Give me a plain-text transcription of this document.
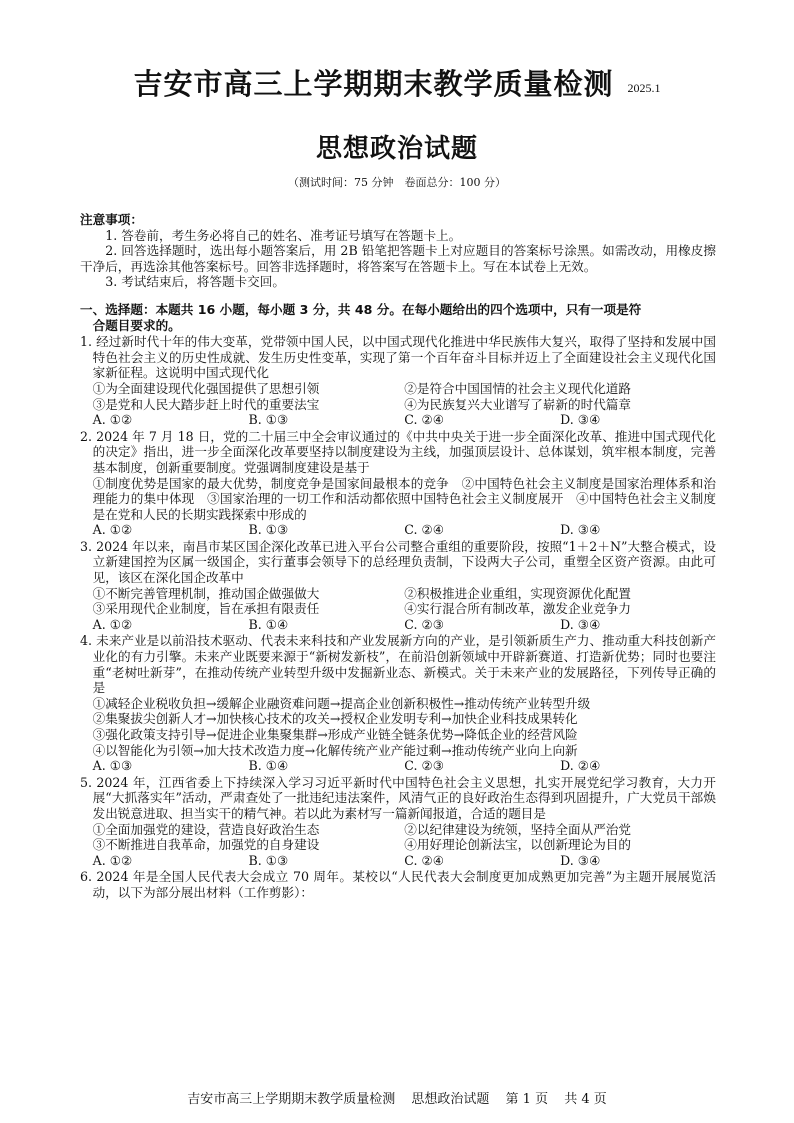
吉安市高三上学期期末教学质量检测 2025.1
思想政治试题
（测试时间：75 分钟　卷面总分：100 分）

注意事项：

1. 答卷前，考生务必将自己的姓名、准考证号填写在答题卡上。

2. 回答选择题时，选出每小题答案后，用 2B 铅笔把答题卡上对应题目的答案标号涂黑。如需改动，用橡皮擦干净后，再选涂其他答案标号。回答非选择题时，将答案写在答题卡上。写在本试卷上无效。

3. 考试结束后，将答题卡交回。

一、选择题：本题共 16 小题，每小题 3 分，共 48 分。在每小题给出的四个选项中，只有一项是符
合题目要求的。

1. 经过新时代十年的伟大变革，党带领中国人民，以中国式现代化推进中华民族伟大复兴，取得了坚持和发展中国特色社会主义的历史性成就、发生历史性变革，实现了第一个百年奋斗目标并迈上了全面建设社会主义现代化国家新征程。这说明中国式现代化

①为全面建设现代化强国提供了思想引领	②是符合中国国情的社会主义现代化道路
③是党和人民大踏步赶上时代的重要法宝	④为民族复兴大业谱写了崭新的时代篇章
A. ①②	B. ①③	C. ②④	D. ③④

2. 2024 年 7 月 18 日，党的二十届三中全会审议通过的《中共中央关于进一步全面深化改革、推进中国式现代化的决定》指出，进一步全面深化改革要坚持以制度建设为主线，加强顶层设计、总体谋划，筑牢根本制度，完善基本制度，创新重要制度。党强调制度建设是基于

①制度优势是国家的最大优势，制度竞争是国家间最根本的竞争　②中国特色社会主义制度是国家治理体系和治理能力的集中体现　③国家治理的一切工作和活动都依照中国特色社会主义制度展开　④中国特色社会主义制度是在党和人民的长期实践探索中形成的

A. ①②	B. ①③	C. ②④	D. ③④

3. 2024 年以来，南昌市某区国企深化改革已进入平台公司整合重组的重要阶段，按照“1＋2＋N”大整合模式，设立新建国控为区属一级国企，实行董事会领导下的总经理负责制，下设两大子公司，重塑全区资产资源。由此可见，该区在深化国企改革中

①不断完善管理机制，推动国企做强做大	②积极推进企业重组，实现资源优化配置
③采用现代企业制度，旨在承担有限责任	④实行混合所有制改革，激发企业竞争力
A. ①②	B. ①④	C. ②③	D. ③④

4. 未来产业是以前沿技术驱动、代表未来科技和产业发展新方向的产业，是引领新质生产力、推动重大科技创新产业化的有力引擎。未来产业既要来源于“新树发新枝”，在前沿创新领域中开辟新赛道、打造新优势；同时也要注重“老树吐新芽”，在推动传统产业转型升级中发掘新业态、新模式。关于未来产业的发展路径，下列传导正确的是

①减轻企业税收负担→缓解企业融资难问题→提高企业创新积极性→推动传统产业转型升级

②集聚拔尖创新人才→加快核心技术的攻关→授权企业发明专利→加快企业科技成果转化

③强化政策支持引导→促进企业集聚集群→形成产业链全链条优势→降低企业的经营风险

④以智能化为引领→加大技术改造力度→化解传统产业产能过剩→推动传统产业向上向新

A. ①③	B. ①④	C. ②③	D. ②④

5. 2024 年，江西省委上下持续深入学习习近平新时代中国特色社会主义思想，扎实开展党纪学习教育，大力开展“大抓落实年”活动，严肃查处了一批违纪违法案件，风清气正的良好政治生态得到巩固提升，广大党员干部焕发出锐意进取、担当实干的精气神。若以此为素材写一篇新闻报道，合适的题目是

①全面加强党的建设，营造良好政治生态	②以纪律建设为统领，坚持全面从严治党
③不断推进自我革命，加强党的自身建设	④用好理论创新法宝，以创新理论为目的
A. ①②	B. ①③	C. ②④	D. ③④

6. 2024 年是全国人民代表大会成立 70 周年。某校以“人民代表大会制度更加成熟更加完善”为主题开展展览活动，以下为部分展出材料（工作剪影）：

吉安市高三上学期期末教学质量检测 思想政治试题 第 1 页 共 4 页
